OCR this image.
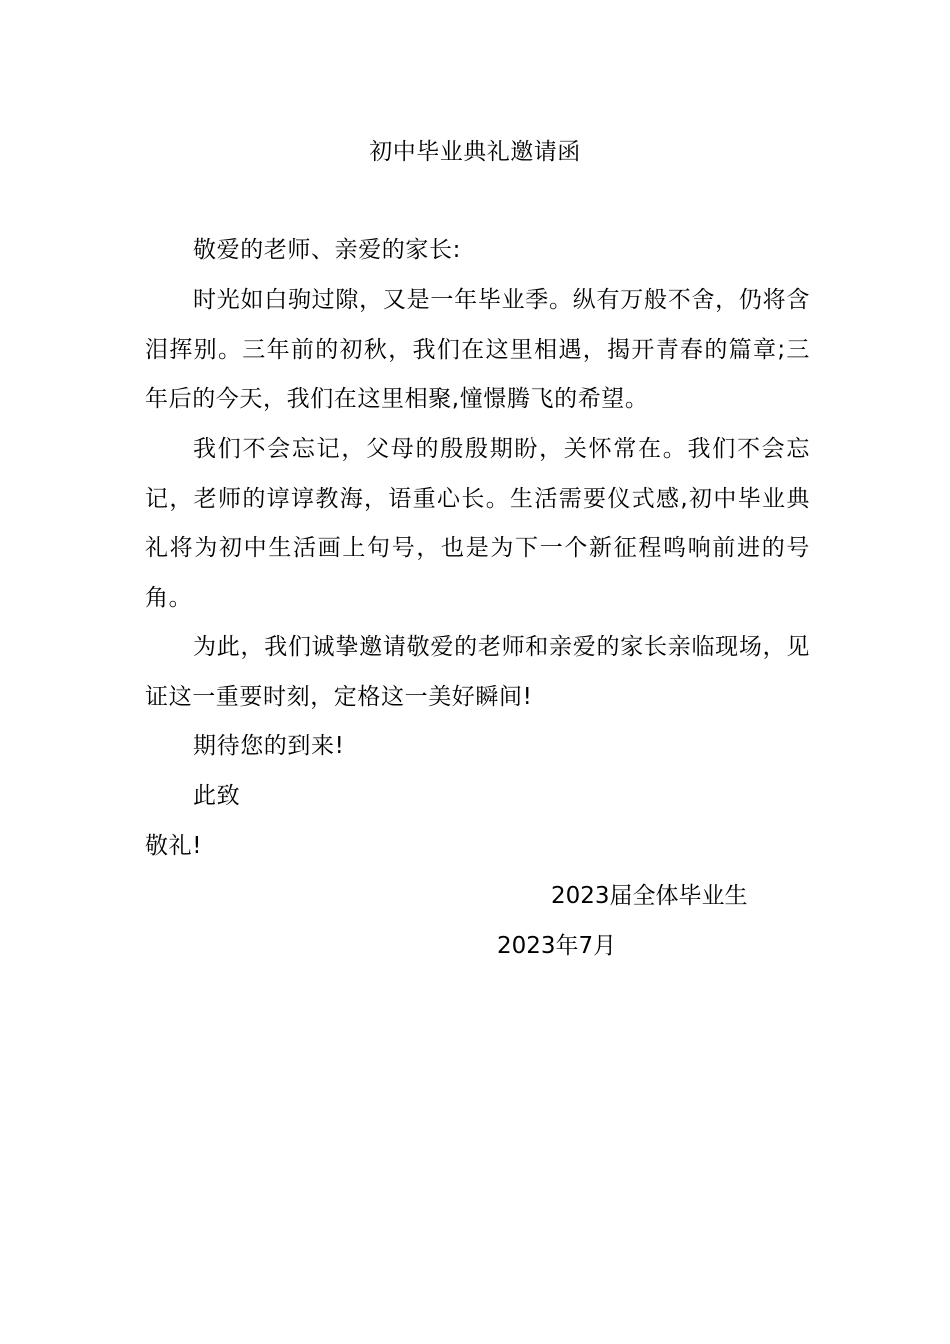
初中毕业典礼邀请函
敬爱的老师、亲爱的家长:
时光如白驹过隙，又是一年毕业季。纵有万般不舍，仍将含泪挥别。三年前的初秋，我们在这里相遇，揭开青春的篇章;三年后的今天，我们在这里相聚,憧憬腾飞的希望。
我们不会忘记，父母的殷殷期盼，关怀常在。我们不会忘记，老师的谆谆教海，语重心长。生活需要仪式感,初中毕业典礼将为初中生活画上句号，也是为下一个新征程鸣响前进的号角。
为此，我们诚挚邀请敬爱的老师和亲爱的家长亲临现场，见证这一重要时刻，定格这一美好瞬间!
期待您的到来!
此致
敬礼!
2023届全体毕业生
2023年7月
